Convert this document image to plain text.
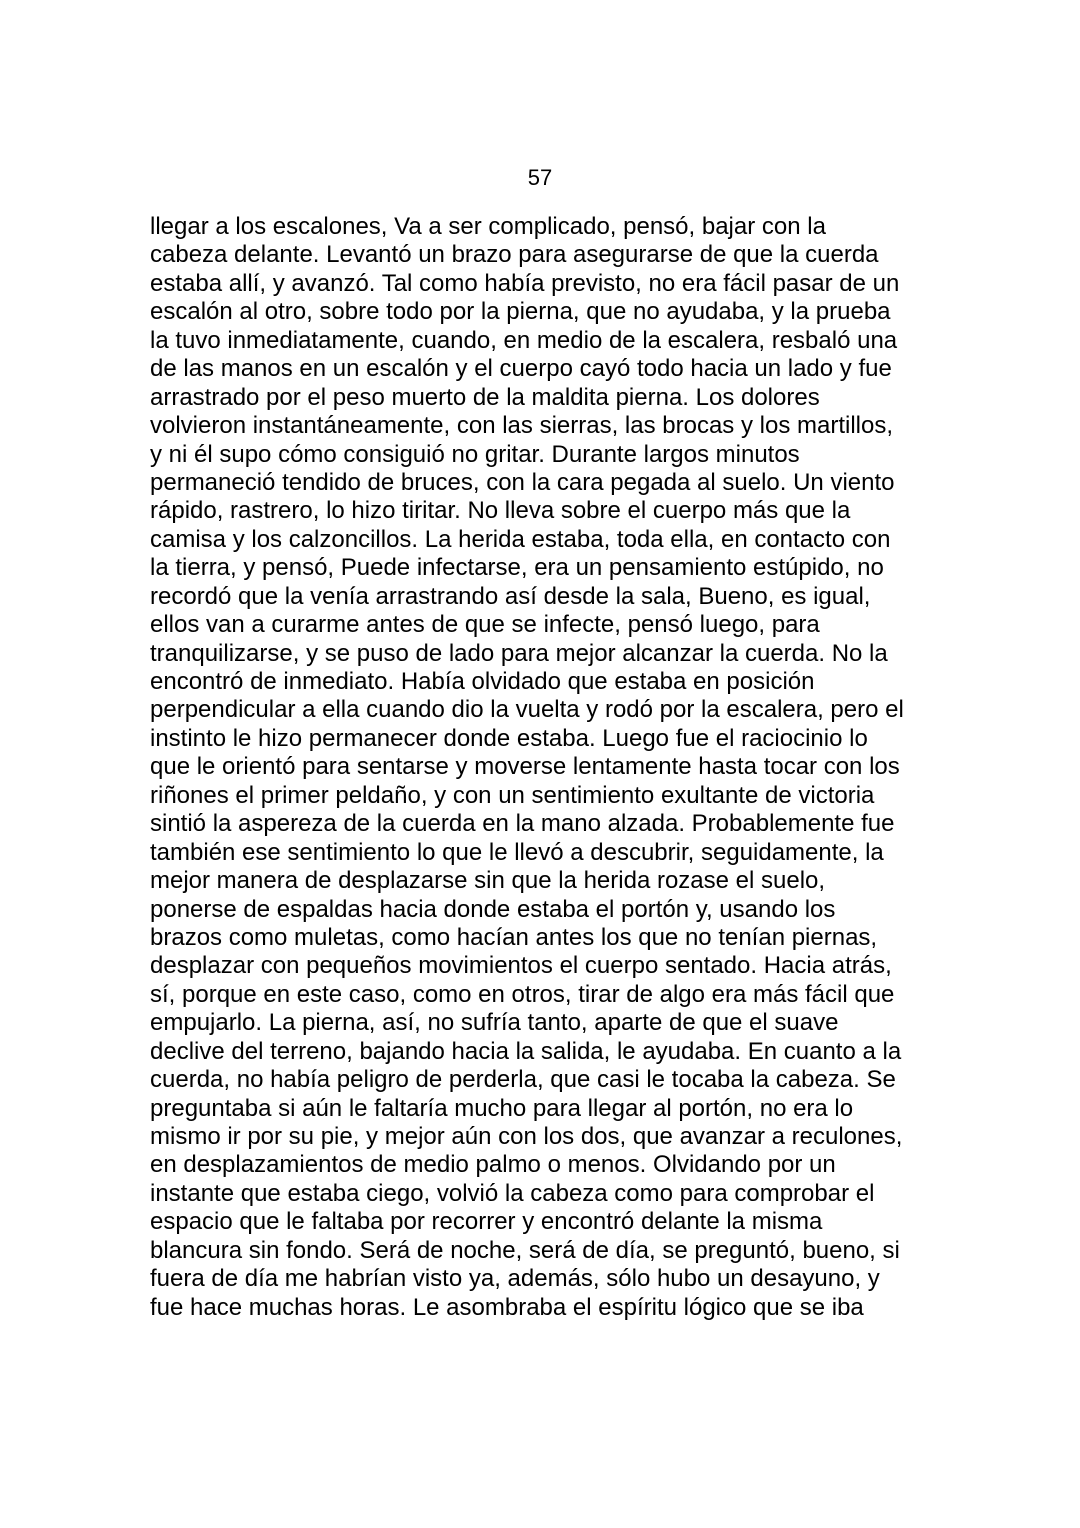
57
llegar a los escalones, Va a ser complicado, pensó, bajar con la
cabeza delante. Levantó un brazo para asegurarse de que la cuerda
estaba allí, y avanzó. Tal como había previsto, no era fácil pasar de un
escalón al otro, sobre todo por la pierna, que no ayudaba, y la prueba
la tuvo inmediatamente, cuando, en medio de la escalera, resbaló una
de las manos en un escalón y el cuerpo cayó todo hacia un lado y fue
arrastrado por el peso muerto de la maldita pierna. Los dolores
volvieron instantáneamente, con las sierras, las brocas y los martillos,
y ni él supo cómo consiguió no gritar. Durante largos minutos
permaneció tendido de bruces, con la cara pegada al suelo. Un viento
rápido, rastrero, lo hizo tiritar. No lleva sobre el cuerpo más que la
camisa y los calzoncillos. La herida estaba, toda ella, en contacto con
la tierra, y pensó, Puede infectarse, era un pensamiento estúpido, no
recordó que la venía arrastrando así desde la sala, Bueno, es igual,
ellos van a curarme antes de que se infecte, pensó luego, para
tranquilizarse, y se puso de lado para mejor alcanzar la cuerda. No la
encontró de inmediato. Había olvidado que estaba en posición
perpendicular a ella cuando dio la vuelta y rodó por la escalera, pero el
instinto le hizo permanecer donde estaba. Luego fue el raciocinio lo
que le orientó para sentarse y moverse lentamente hasta tocar con los
riñones el primer peldaño, y con un sentimiento exultante de victoria
sintió la aspereza de la cuerda en la mano alzada. Probablemente fue
también ese sentimiento lo que le llevó a descubrir, seguidamente, la
mejor manera de desplazarse sin que la herida rozase el suelo,
ponerse de espaldas hacia donde estaba el portón y, usando los
brazos como muletas, como hacían antes los que no tenían piernas,
desplazar con pequeños movimientos el cuerpo sentado. Hacia atrás,
sí, porque en este caso, como en otros, tirar de algo era más fácil que
empujarlo. La pierna, así, no sufría tanto, aparte de que el suave
declive del terreno, bajando hacia la salida, le ayudaba. En cuanto a la
cuerda, no había peligro de perderla, que casi le tocaba la cabeza. Se
preguntaba si aún le faltaría mucho para llegar al portón, no era lo
mismo ir por su pie, y mejor aún con los dos, que avanzar a reculones,
en desplazamientos de medio palmo o menos. Olvidando por un
instante que estaba ciego, volvió la cabeza como para comprobar el
espacio que le faltaba por recorrer y encontró delante la misma
blancura sin fondo. Será de noche, será de día, se preguntó, bueno, si
fuera de día me habrían visto ya, además, sólo hubo un desayuno, y
fue hace muchas horas. Le asombraba el espíritu lógico que se iba
